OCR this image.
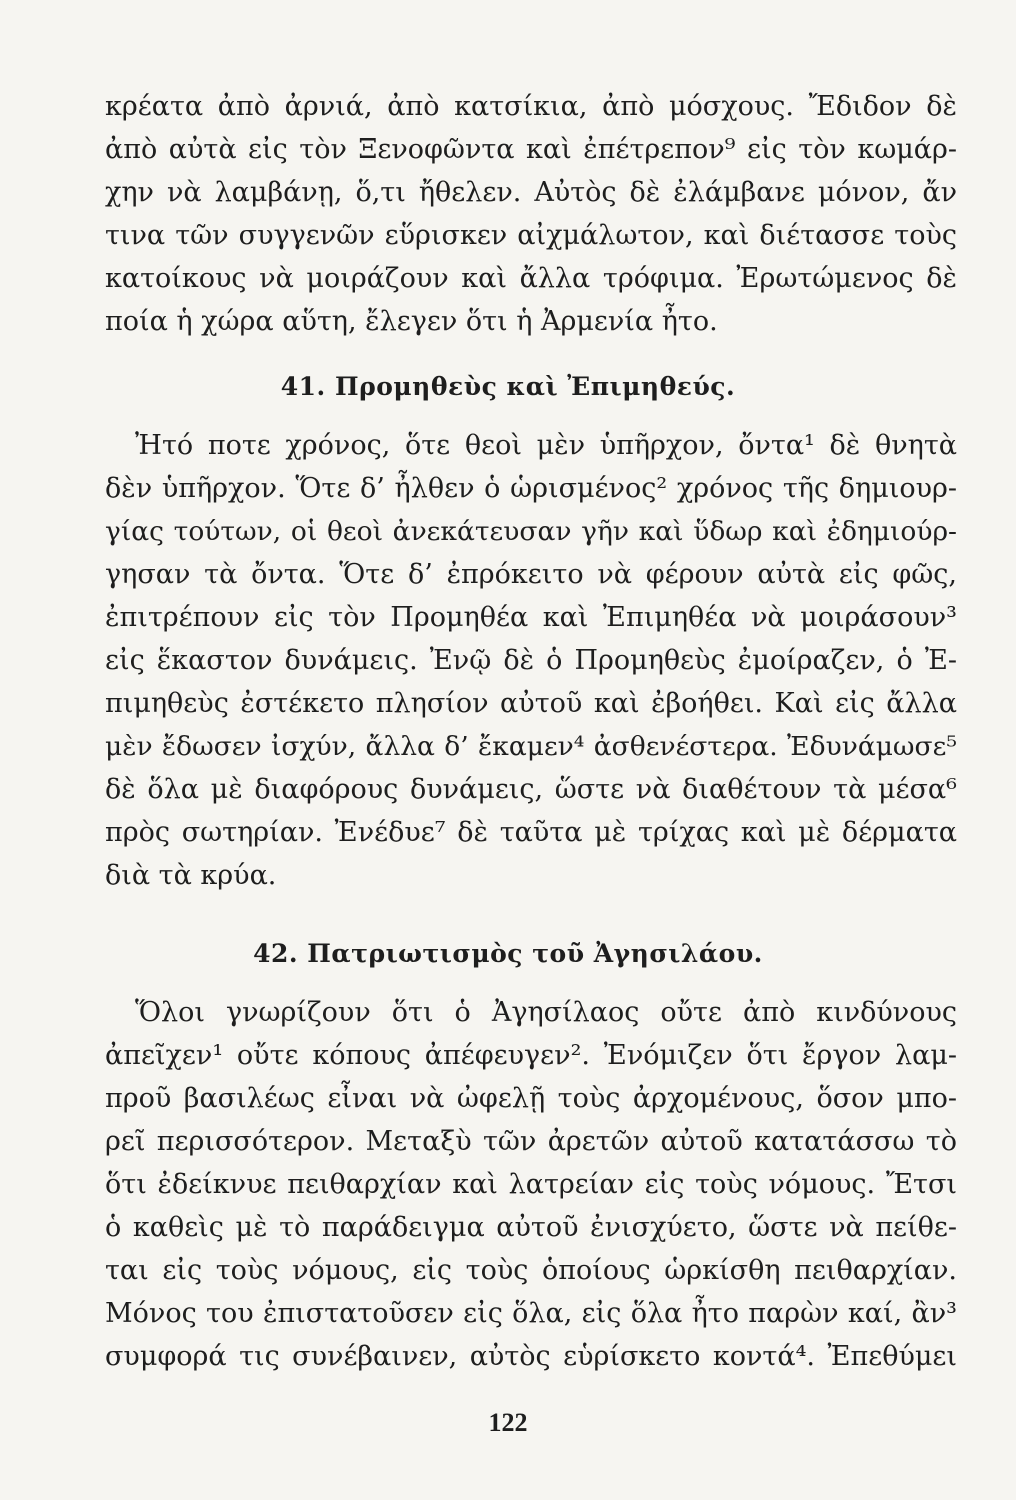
κρέατα ἀπὸ ἀρνιά, ἀπὸ κατσίκια, ἀπὸ μόσχους. Ἔδιδον δὲ
ἀπὸ αὐτὰ εἰς τὸν Ξενοφῶντα καὶ ἐπέτρεπον⁹ εἰς τὸν κωμάρ-
χην νὰ λαμβάνῃ, ὅ,τι ἤθελεν. Αὐτὸς δὲ ἐλάμβανε μόνον, ἄν
τινα τῶν συγγενῶν εὕρισκεν αἰχμάλωτον, καὶ διέτασσε τοὺς
κατοίκους νὰ μοιράζουν καὶ ἄλλα τρόφιμα. Ἐρωτώμενος δὲ
ποία ἡ χώρα αὕτη, ἔλεγεν ὅτι ἡ Ἀρμενία ἦτο.
41. Προμηθεὺς καὶ Ἐπιμηθεύς.
Ἠτό ποτε χρόνος, ὅτε θεοὶ μὲν ὑπῆρχον, ὄντα¹ δὲ θνητὰ
δὲν ὑπῆρχον. Ὅτε δ’ ἦλθεν ὁ ὡρισμένος² χρόνος τῆς δημιουρ-
γίας τούτων, οἱ θεοὶ ἀνεκάτευσαν γῆν καὶ ὕδωρ καὶ ἐδημιούρ-
γησαν τὰ ὄντα. Ὅτε δ’ ἐπρόκειτο νὰ φέρουν αὐτὰ εἰς φῶς,
ἐπιτρέπουν εἰς τὸν Προμηθέα καὶ Ἐπιμηθέα νὰ μοιράσουν³
εἰς ἕκαστον δυνάμεις. Ἐνῷ δὲ ὁ Προμηθεὺς ἐμοίραζεν, ὁ Ἐ-
πιμηθεὺς ἐστέκετο πλησίον αὐτοῦ καὶ ἐβοήθει. Καὶ εἰς ἄλλα
μὲν ἔδωσεν ἰσχύν, ἄλλα δ’ ἔκαμεν⁴ ἀσθενέστερα. Ἐδυνάμωσε⁵
δὲ ὅλα μὲ διαφόρους δυνάμεις, ὥστε νὰ διαθέτουν τὰ μέσα⁶
πρὸς σωτηρίαν. Ἐνέδυε⁷ δὲ ταῦτα μὲ τρίχας καὶ μὲ δέρματα
διὰ τὰ κρύα.
42. Πατριωτισμὸς τοῦ Ἀγησιλάου.
Ὅλοι γνωρίζουν ὅτι ὁ Ἀγησίλαος οὔτε ἀπὸ κινδύνους
ἀπεῖχεν¹ οὔτε κόπους ἀπέφευγεν². Ἐνόμιζεν ὅτι ἔργον λαμ-
προῦ βασιλέως εἶναι νὰ ὠφελῇ τοὺς ἀρχομένους, ὅσον μπο-
ρεῖ περισσότερον. Μεταξὺ τῶν ἀρετῶν αὐτοῦ κατατάσσω τὸ
ὅτι ἐδείκνυε πειθαρχίαν καὶ λατρείαν εἰς τοὺς νόμους. Ἔτσι
ὁ καθεὶς μὲ τὸ παράδειγμα αὐτοῦ ἐνισχύετο, ὥστε νὰ πείθε-
ται εἰς τοὺς νόμους, εἰς τοὺς ὁποίους ὡρκίσθη πειθαρχίαν.
Μόνος του ἐπιστατοῦσεν εἰς ὅλα, εἰς ὅλα ἦτο παρὼν καί, ἂν³
συμφορά τις συνέβαινεν, αὐτὸς εὑρίσκετο κοντά⁴. Ἐπεθύμει
122
